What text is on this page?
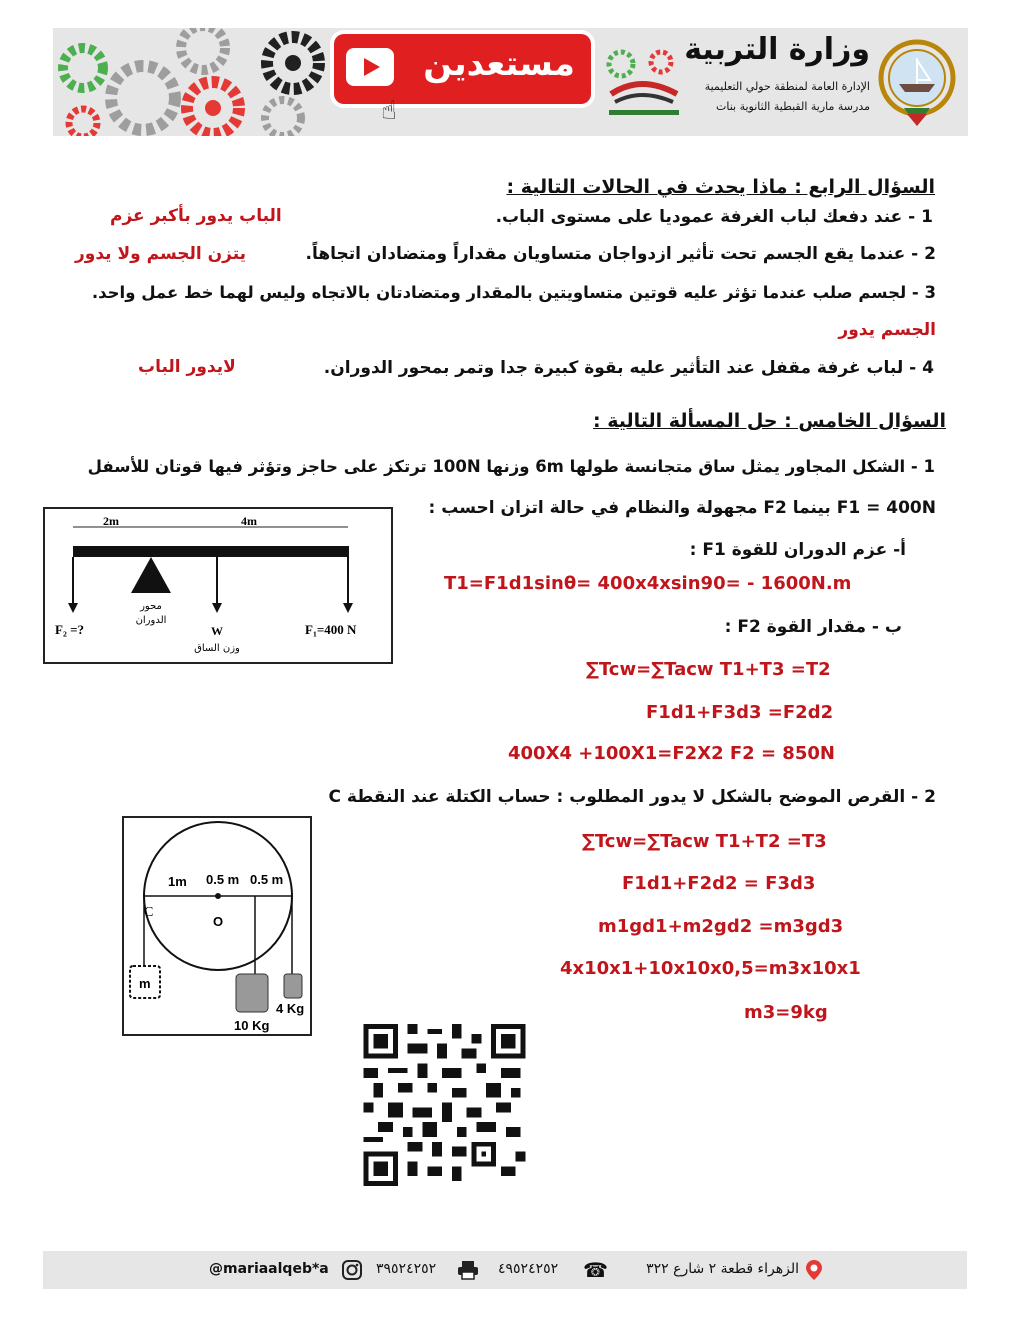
مستعدين
☝
وزارة التربية
الإدارة العامة لمنطقة حولي التعليمية
مدرسة مارية القبطية الثانوية بنات
السؤال الرابع : ماذا يحدث في الحالات التالية :
1 - عند دفعك لباب الغرفة عموديا على مستوى الباب.
الباب يدور بأكبر عزم
2 - عندما يقع الجسم تحت تأثير ازدواجان متساويان مقداراً ومتضادان اتجاهاً.
يتزن الجسم ولا يدور
3 - لجسم صلب عندما تؤثر عليه قوتين متساويتين بالمقدار ومتضادتان بالاتجاه وليس لهما خط عمل واحد.
الجسم يدور
4 - لباب غرفة مقفل عند التأثير عليه بقوة كبيرة جدا وتمر بمحور الدوران.
لايدور الباب
السؤال الخامس : حل المسألة التالية :
1 - الشكل المجاور يمثل ساق متجانسة طولها 6m وزنها 100N ترتكز على حاجز وتؤثر فيها قوتان للأسفل
F1 = 400N بينما F2 مجهولة والنظام في حالة اتزان احسب :
أ- عزم الدوران للقوة F1 :
T1=F1d1sinθ= 400x4xsin90= - 1600N.m
ب - مقدار القوة F2 :
∑Tcw=∑Tacw T1+T3 =T2
F1d1+F3d3 =F2d2
400X4 +100X1=F2X2 F2 = 850N
2 - القرص الموضح بالشكل لا يدور المطلوب : حساب الكتلة عند النقطة C
∑Tcw=∑Tacw T1+T2 =T3
F1d1+F2d2 = F3d3
m1gd1+m2gd2 =m3gd3
4x10x1+10x10x0,5=m3x10x1
m3=9kg
2m	4m
محور
الدوران
W
وزن الساق
F₂ =?	F₁=400 N
1m 0.5 m 0.5 m
C
O
m
10 Kg
4 Kg
الزهراء قطعة ٢ شارع ٣٢٢
☎
٤٩٥٢٤٢٥٢
٣٩٥٢٤٢٥٢
@mariaalqeb*a
